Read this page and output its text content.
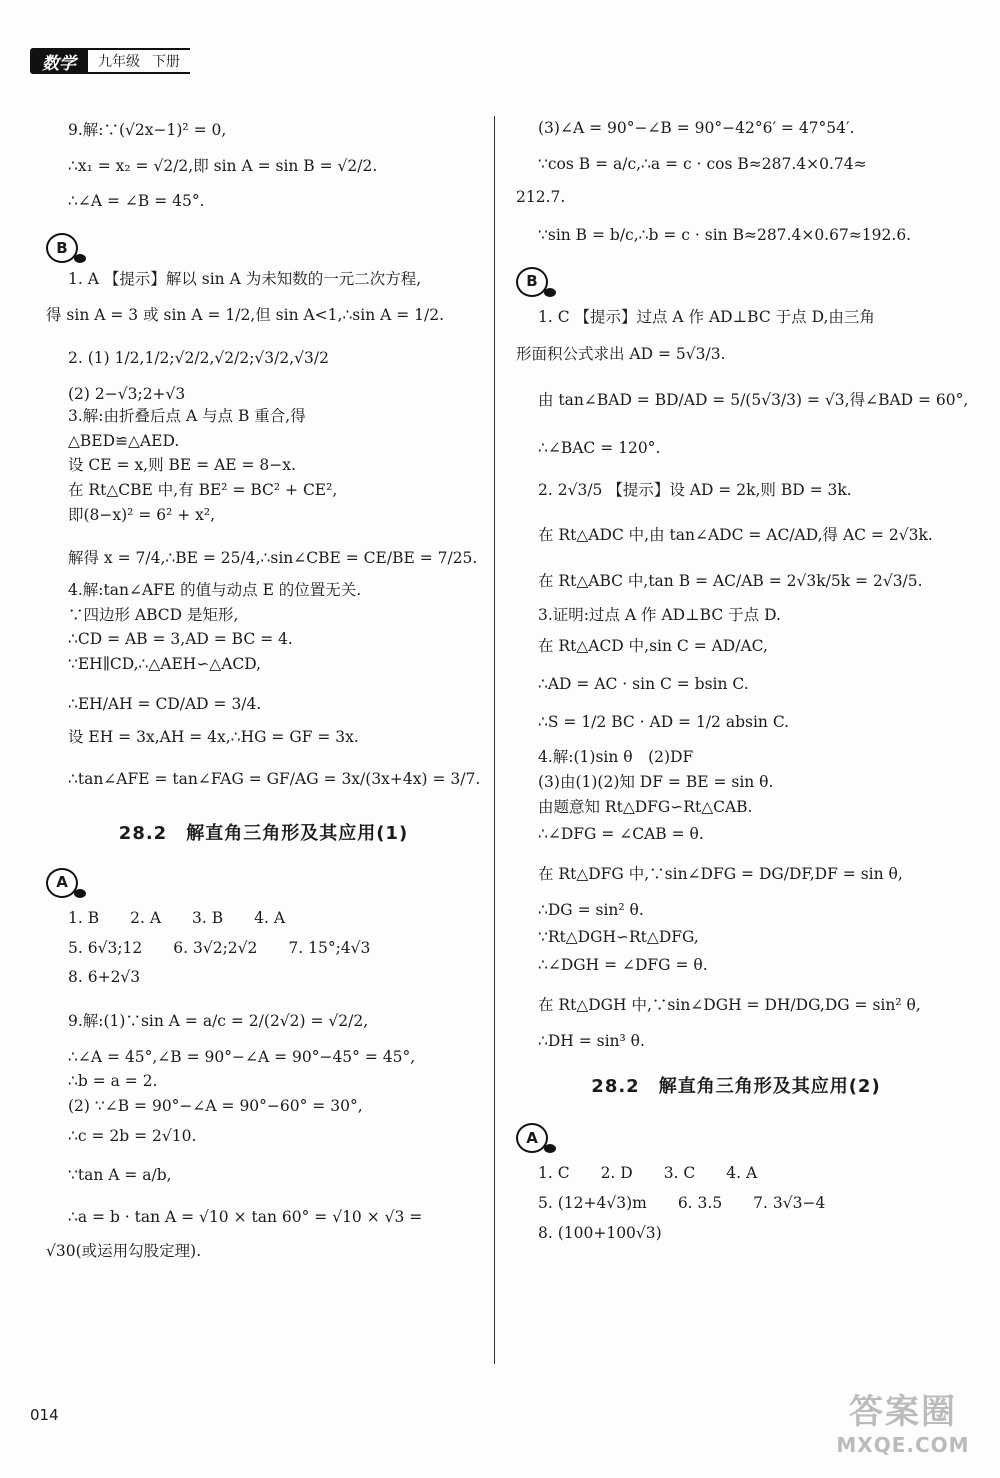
数学	九年级 下册
9.解:∵(√2x−1)² = 0,
∴x₁ = x₂ = √2/2,即 sin A = sin B = √2/2.
∴∠A = ∠B = 45°.
B
1. A 【提示】解以 sin A 为未知数的一元二次方程,
得 sin A = 3 或 sin A = 1/2,但 sin A<1,∴sin A = 1/2.
2. (1) 1/2,1/2;√2/2,√2/2;√3/2,√3/2
(2) 2−√3;2+√3
3.解:由折叠后点 A 与点 B 重合,得
△BED≌△AED.
设 CE = x,则 BE = AE = 8−x.
在 Rt△CBE 中,有 BE² = BC² + CE²,
即(8−x)² = 6² + x²,
解得 x = 7/4,∴BE = 25/4,∴sin∠CBE = CE/BE = 7/25.
4.解:tan∠AFE 的值与动点 E 的位置无关.
∵四边形 ABCD 是矩形,
∴CD = AB = 3,AD = BC = 4.
∵EH∥CD,∴△AEH∽△ACD,
∴EH/AH = CD/AD = 3/4.
设 EH = 3x,AH = 4x,∴HG = GF = 3x.
∴tan∠AFE = tan∠FAG = GF/AG = 3x/(3x+4x) = 3/7.
28.2　解直角三角形及其应用(1)
A
1. B　　2. A　　3. B　　4. A
5. 6√3;12　　6. 3√2;2√2　　7. 15°;4√3
8. 6+2√3
9.解:(1)∵sin A = a/c = 2/(2√2) = √2/2,
∴∠A = 45°,∠B = 90°−∠A = 90°−45° = 45°,
∴b = a = 2.
(2) ∵∠B = 90°−∠A = 90°−60° = 30°,
∴c = 2b = 2√10.
∵tan A = a/b,
∴a = b · tan A = √10 × tan 60° = √10 × √3 =
√30(或运用勾股定理).
(3)∠A = 90°−∠B = 90°−42°6′ = 47°54′.
∵cos B = a/c,∴a = c · cos B≈287.4×0.74≈
212.7.
∵sin B = b/c,∴b = c · sin B≈287.4×0.67≈192.6.
B
1. C 【提示】过点 A 作 AD⊥BC 于点 D,由三角
形面积公式求出 AD = 5√3/3.
由 tan∠BAD = BD/AD = 5/(5√3/3) = √3,得∠BAD = 60°,
∴∠BAC = 120°.
2. 2√3/5 【提示】设 AD = 2k,则 BD = 3k.
在 Rt△ADC 中,由 tan∠ADC = AC/AD,得 AC = 2√3k.
在 Rt△ABC 中,tan B = AC/AB = 2√3k/5k = 2√3/5.
3.证明:过点 A 作 AD⊥BC 于点 D.
在 Rt△ACD 中,sin C = AD/AC,
∴AD = AC · sin C = bsin C.
∴S = 1/2 BC · AD = 1/2 absin C.
4.解:(1)sin θ　(2)DF
(3)由(1)(2)知 DF = BE = sin θ.
由题意知 Rt△DFG∽Rt△CAB.
∴∠DFG = ∠CAB = θ.
在 Rt△DFG 中,∵sin∠DFG = DG/DF,DF = sin θ,
∴DG = sin² θ.
∵Rt△DGH∽Rt△DFG,
∴∠DGH = ∠DFG = θ.
在 Rt△DGH 中,∵sin∠DGH = DH/DG,DG = sin² θ,
∴DH = sin³ θ.
28.2　解直角三角形及其应用(2)
A
1. C　　2. D　　3. C　　4. A
5. (12+4√3)m　　6. 3.5　　7. 3√3−4
8. (100+100√3)
014	答案圈
MXQE.COM
